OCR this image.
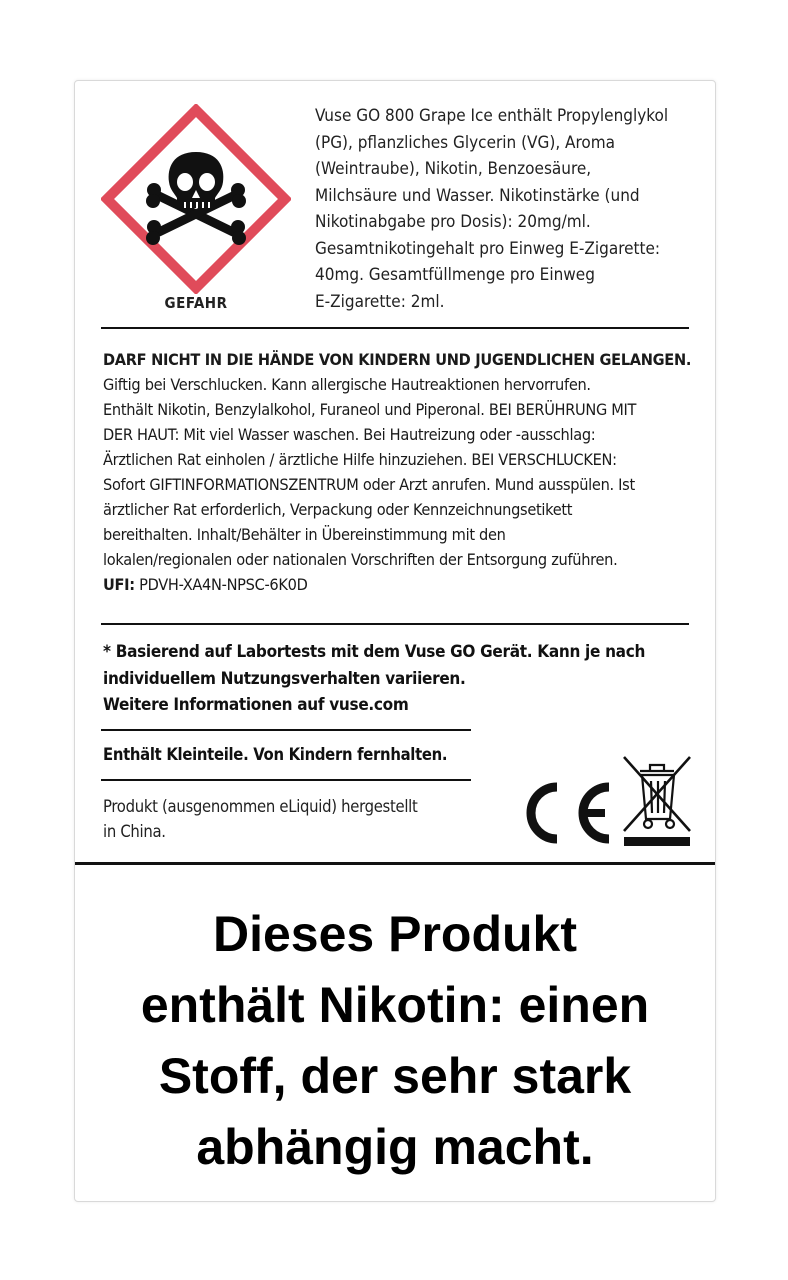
GEFAHR
Vuse GO 800 Grape Ice enthält Propylenglykol
(PG), pflanzliches Glycerin (VG), Aroma
(Weintraube), Nikotin, Benzoesäure,
Milchsäure und Wasser. Nikotinstärke (und
Nikotinabgabe pro Dosis): 20mg/ml.
Gesamtnikotingehalt pro Einweg E-Zigarette:
40mg. Gesamtfüllmenge pro Einweg
E-Zigarette: 2ml.
DARF NICHT IN DIE HÄNDE VON KINDERN UND JUGENDLICHEN GELANGEN.
Giftig bei Verschlucken. Kann allergische Hautreaktionen hervorrufen.
Enthält Nikotin, Benzylalkohol, Furaneol und Piperonal. BEI BERÜHRUNG MIT
DER HAUT: Mit viel Wasser waschen. Bei Hautreizung oder -ausschlag:
Ärztlichen Rat einholen / ärztliche Hilfe hinzuziehen. BEI VERSCHLUCKEN:
Sofort GIFTINFORMATIONSZENTRUM oder Arzt anrufen. Mund ausspülen. Ist
ärztlicher Rat erforderlich, Verpackung oder Kennzeichnungsetikett
bereithalten. Inhalt/Behälter in Übereinstimmung mit den
lokalen/regionalen oder nationalen Vorschriften der Entsorgung zuführen.
UFI: PDVH-XA4N-NPSC-6K0D
* Basierend auf Labortests mit dem Vuse GO Gerät. Kann je nach
individuellem Nutzungsverhalten variieren.
Weitere Informationen auf vuse.com
Enthält Kleinteile. Von Kindern fernhalten.
Produkt (ausgenommen eLiquid) hergestellt
in China.
Dieses Produkt
enthält Nikotin: einen
Stoff, der sehr stark
abhängig macht.
